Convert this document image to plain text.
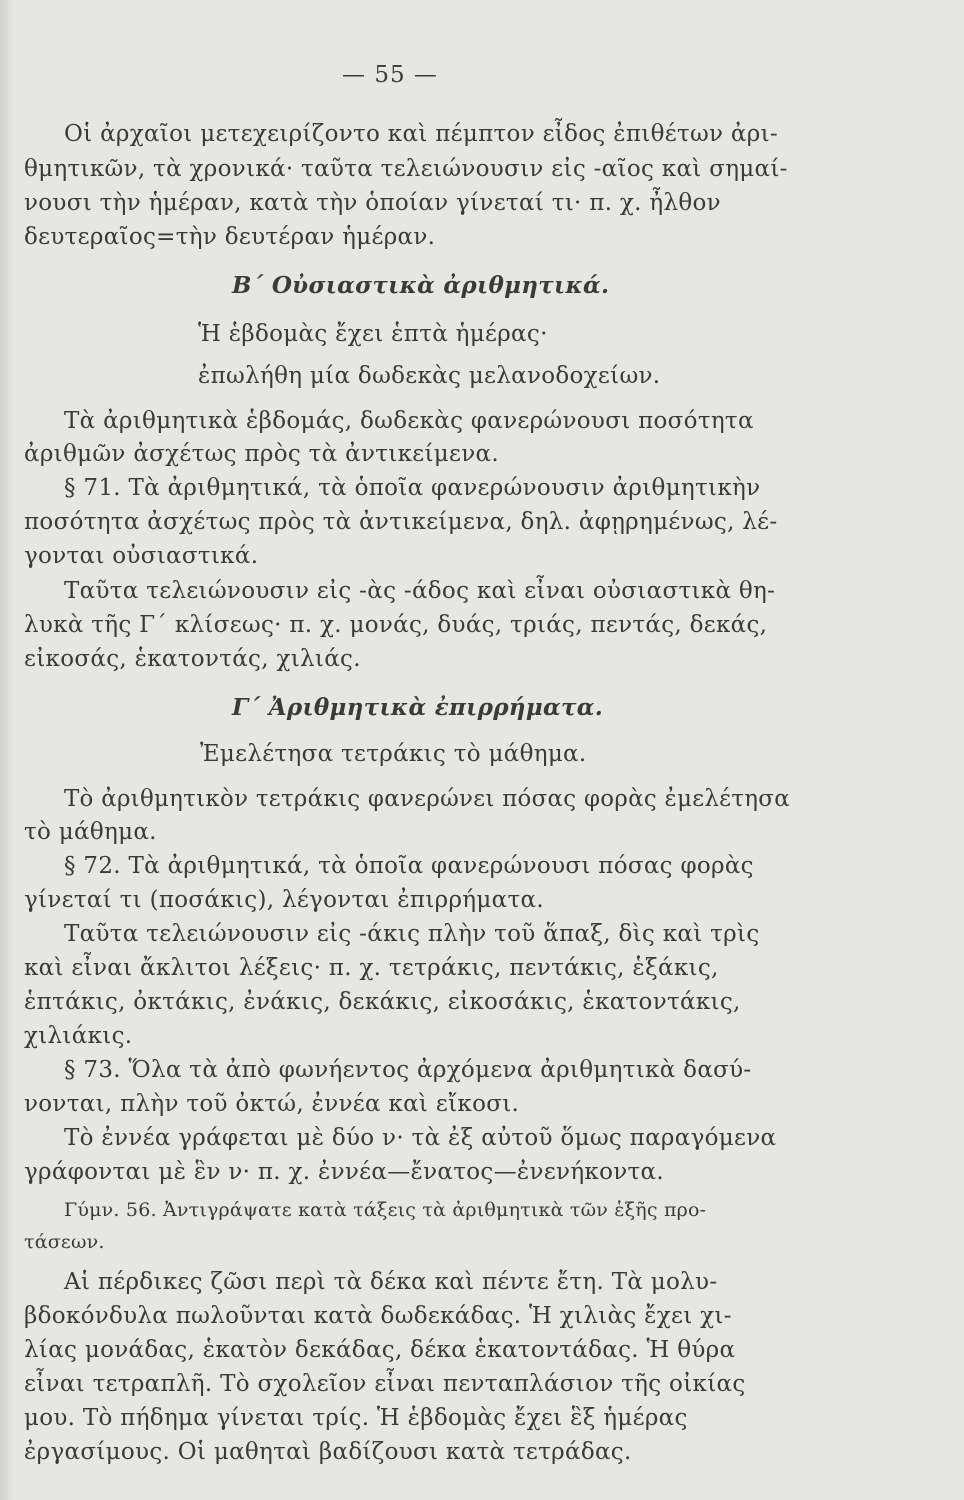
— 55 —
Οἱ ἀρχαῖοι μετεχειρίζοντο καὶ πέμπτον εἶδος ἐπιθέτων ἀρι-
θμητικῶν, τὰ χρονικά· ταῦτα τελειώνουσιν εἰς -αῖος καὶ σημαί-
νουσι τὴν ἡμέραν, κατὰ τὴν ὁποίαν γίνεταί τι· π. χ. ἦλθον
δευτεραῖος=τὴν δευτέραν ἡμέραν.
Β΄ Οὐσιαστικὰ ἀριθμητικά.
Ἡ ἑβδομὰς ἔχει ἑπτὰ ἡμέρας·
ἐπωλήθη μία δωδεκὰς μελανοδοχείων.
Τὰ ἀριθμητικὰ ἑβδομάς, δωδεκὰς φανερώνουσι ποσότητα
ἀριθμῶν ἀσχέτως πρὸς τὰ ἀντικείμενα.
§ 71. Τὰ ἀριθμητικά, τὰ ὁποῖα φανερώνουσιν ἀριθμητικὴν
ποσότητα ἀσχέτως πρὸς τὰ ἀντικείμενα, δηλ. ἀφῃρημένως, λέ-
γονται οὐσιαστικά.
Ταῦτα τελειώνουσιν εἰς -ὰς -άδος καὶ εἶναι οὐσιαστικὰ θη-
λυκὰ τῆς Γ΄ κλίσεως· π. χ. μονάς, δυάς, τριάς, πεντάς, δεκάς,
εἰκοσάς, ἑκατοντάς, χιλιάς.
Γ΄ Ἀριθμητικὰ ἐπιρρήματα.
Ἐμελέτησα τετράκις τὸ μάθημα.
Τὸ ἀριθμητικὸν τετράκις φανερώνει πόσας φορὰς ἐμελέτησα
τὸ μάθημα.
§ 72. Τὰ ἀριθμητικά, τὰ ὁποῖα φανερώνουσι πόσας φορὰς
γίνεταί τι (ποσάκις), λέγονται ἐπιρρήματα.
Ταῦτα τελειώνουσιν εἰς -άκις πλὴν τοῦ ἅπαξ, δὶς καὶ τρὶς
καὶ εἶναι ἄκλιτοι λέξεις· π. χ. τετράκις, πεντάκις, ἑξάκις,
ἑπτάκις, ὀκτάκις, ἐνάκις, δεκάκις, εἰκοσάκις, ἑκατοντάκις,
χιλιάκις.
§ 73. Ὅλα τὰ ἀπὸ φωνήεντος ἀρχόμενα ἀριθμητικὰ δασύ-
νονται, πλὴν τοῦ ὀκτώ, ἐννέα καὶ εἴκοσι.
Τὸ ἐννέα γράφεται μὲ δύο ν· τὰ ἐξ αὐτοῦ ὅμως παραγόμενα
γράφονται μὲ ἓν ν· π. χ. ἐννέα—ἔνατος—ἐνενήκοντα.
Γύμν. 56. Ἀντιγράψατε κατὰ τάξεις τὰ ἀριθμητικὰ τῶν ἑξῆς προ-
τάσεων.
Αἱ πέρδικες ζῶσι περὶ τὰ δέκα καὶ πέντε ἔτη. Τὰ μολυ-
βδοκόνδυλα πωλοῦνται κατὰ δωδεκάδας. Ἡ χιλιὰς ἔχει χι-
λίας μονάδας, ἑκατὸν δεκάδας, δέκα ἑκατοντάδας. Ἡ θύρα
εἶναι τετραπλῆ. Τὸ σχολεῖον εἶναι πενταπλάσιον τῆς οἰκίας
μου. Τὸ πήδημα γίνεται τρίς. Ἡ ἑβδομὰς ἔχει ἓξ ἡμέρας
ἐργασίμους. Οἱ μαθηταὶ βαδίζουσι κατὰ τετράδας.
